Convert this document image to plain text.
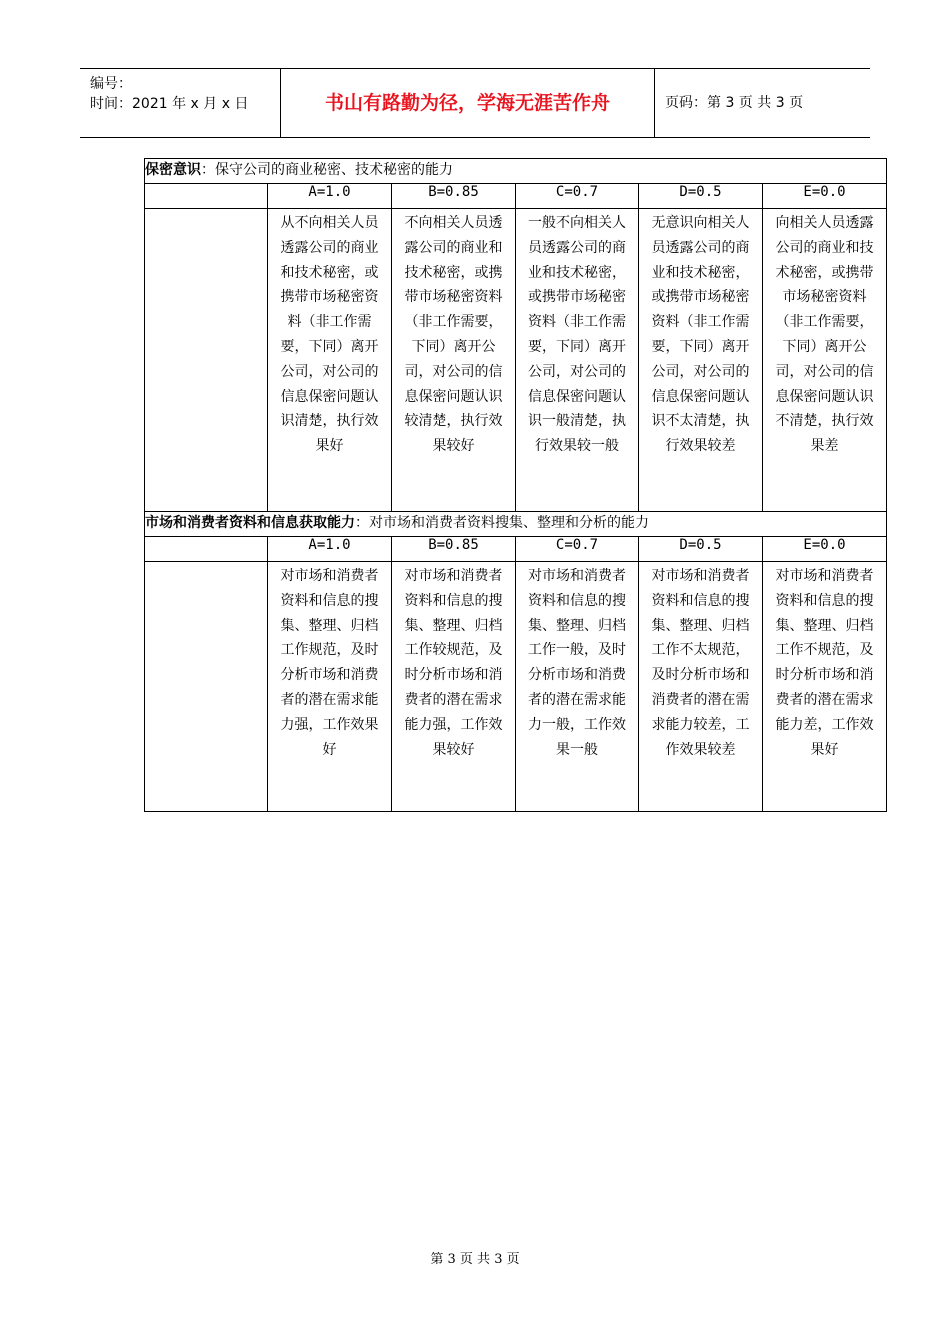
编号：
时间：2021 年 x 月 x 日	书山有路勤为径，学海无涯苦作舟	页码：第 3 页 共 3 页
保密意识：保守公司的商业秘密、技术秘密的能力					
	A=1.0	B=0.85	C=0.7	D=0.5	E=0.0
	从不向相关人员透露公司的商业和技术秘密，或携带市场秘密资料（非工作需要，下同）离开公司，对公司的信息保密问题认识清楚，执行效果好	不向相关人员透露公司的商业和技术秘密，或携带市场秘密资料（非工作需要，下同）离开公司，对公司的信息保密问题认识较清楚，执行效果较好	一般不向相关人员透露公司的商业和技术秘密，或携带市场秘密资料（非工作需要，下同）离开公司，对公司的信息保密问题认识一般清楚，执行效果较一般	无意识向相关人员透露公司的商业和技术秘密，或携带市场秘密资料（非工作需要，下同）离开公司，对公司的信息保密问题认识不太清楚，执行效果较差	向相关人员透露公司的商业和技术秘密，或携带市场秘密资料（非工作需要，下同）离开公司，对公司的信息保密问题认识不清楚，执行效果差
市场和消费者资料和信息获取能力：对市场和消费者资料搜集、整理和分析的能力					
	A=1.0	B=0.85	C=0.7	D=0.5	E=0.0
	对市场和消费者资料和信息的搜集、整理、归档工作规范，及时分析市场和消费者的潜在需求能力强，工作效果好	对市场和消费者资料和信息的搜集、整理、归档工作较规范，及时分析市场和消费者的潜在需求能力强，工作效果较好	对市场和消费者资料和信息的搜集、整理、归档工作一般，及时分析市场和消费者的潜在需求能力一般，工作效果一般	对市场和消费者资料和信息的搜集、整理、归档工作不太规范，及时分析市场和消费者的潜在需求能力较差，工作效果较差	对市场和消费者资料和信息的搜集、整理、归档工作不规范，及时分析市场和消费者的潜在需求能力差，工作效果好
第 3 页 共 3 页
